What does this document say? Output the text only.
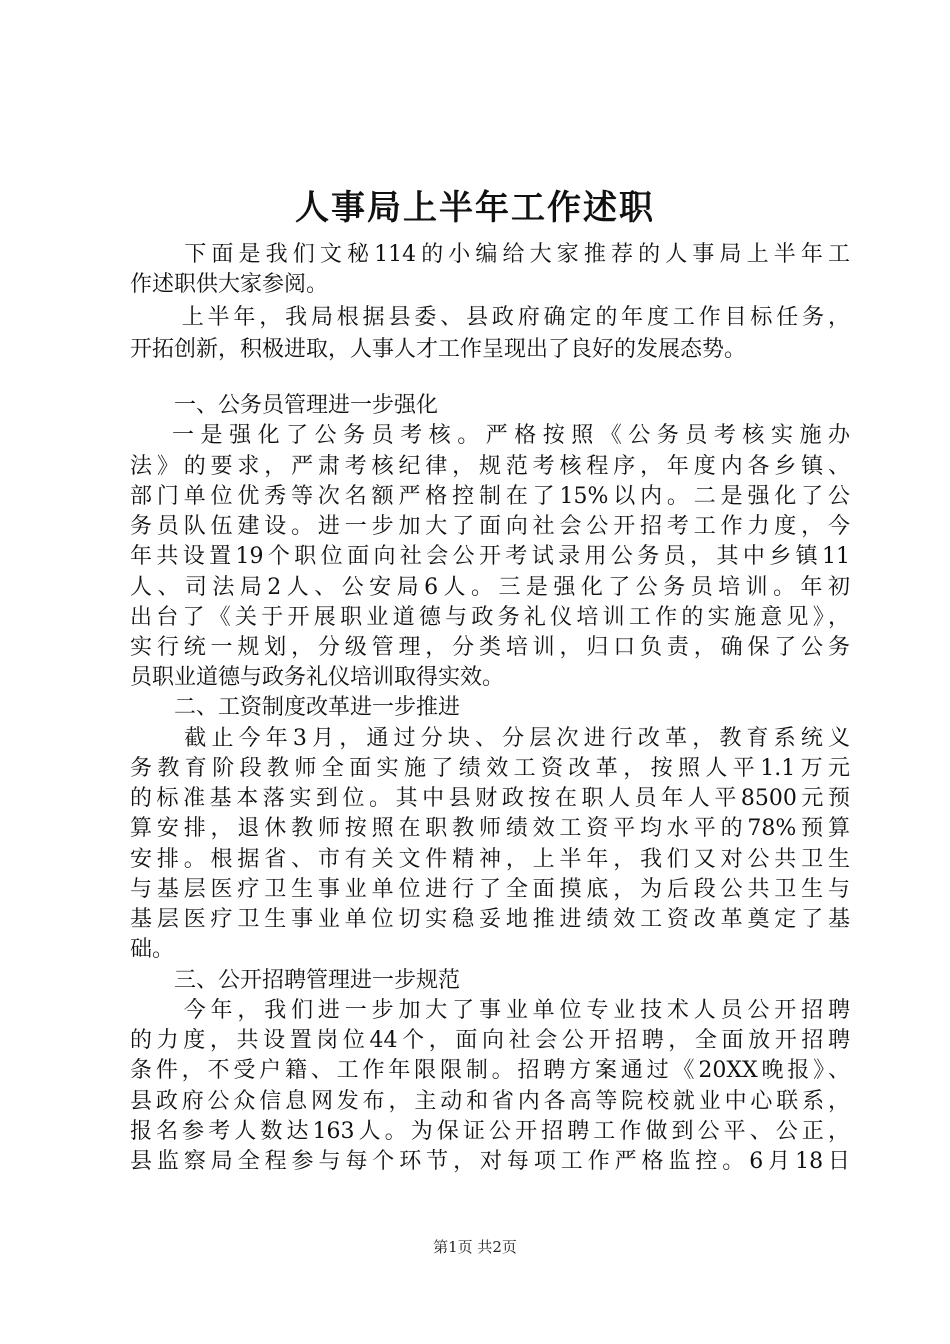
人事局上半年工作述职
　　下面是我们文秘114的小编给大家推荐的人事局上半年工
作述职供大家参阅。
　　上半年，我局根据县委、县政府确定的年度工作目标任务，
开拓创新，积极进取，人事人才工作呈现出了良好的发展态势。
　　一、公务员管理进一步强化
　 一是强化了公务员考核。严格按照《公务员考核实施办
法》的要求，严肃考核纪律，规范考核程序，年度内各乡镇、
部门单位优秀等次名额严格控制在了15%以内。二是强化了公
务员队伍建设。进一步加大了面向社会公开招考工作力度，今
年共设置19个职位面向社会公开考试录用公务员，其中乡镇11
人、司法局2人、公安局6人。三是强化了公务员培训。年初
出台了《关于开展职业道德与政务礼仪培训工作的实施意见》，
实行统一规划，分级管理，分类培训，归口负责，确保了公务
员职业道德与政务礼仪培训取得实效。
　　二、工资制度改革进一步推进
　　截止今年3月，通过分块、分层次进行改革，教育系统义
务教育阶段教师全面实施了绩效工资改革，按照人平1.1万元
的标准基本落实到位。其中县财政按在职人员年人平8500元预
算安排，退休教师按照在职教师绩效工资平均水平的78%预算
安排。根据省、市有关文件精神，上半年，我们又对公共卫生
与基层医疗卫生事业单位进行了全面摸底，为后段公共卫生与
基层医疗卫生事业单位切实稳妥地推进绩效工资改革奠定了基
础。
　　三、公开招聘管理进一步规范
　　今年，我们进一步加大了事业单位专业技术人员公开招聘
的力度，共设置岗位44个，面向社会公开招聘，全面放开招聘
条件，不受户籍、工作年限限制。招聘方案通过《20XX晚报》、
县政府公众信息网发布，主动和省内各高等院校就业中心联系，
报名参考人数达163人。为保证公开招聘工作做到公平、公正，
县监察局全程参与每个环节，对每项工作严格监控。6月18日
第1页 共2页
